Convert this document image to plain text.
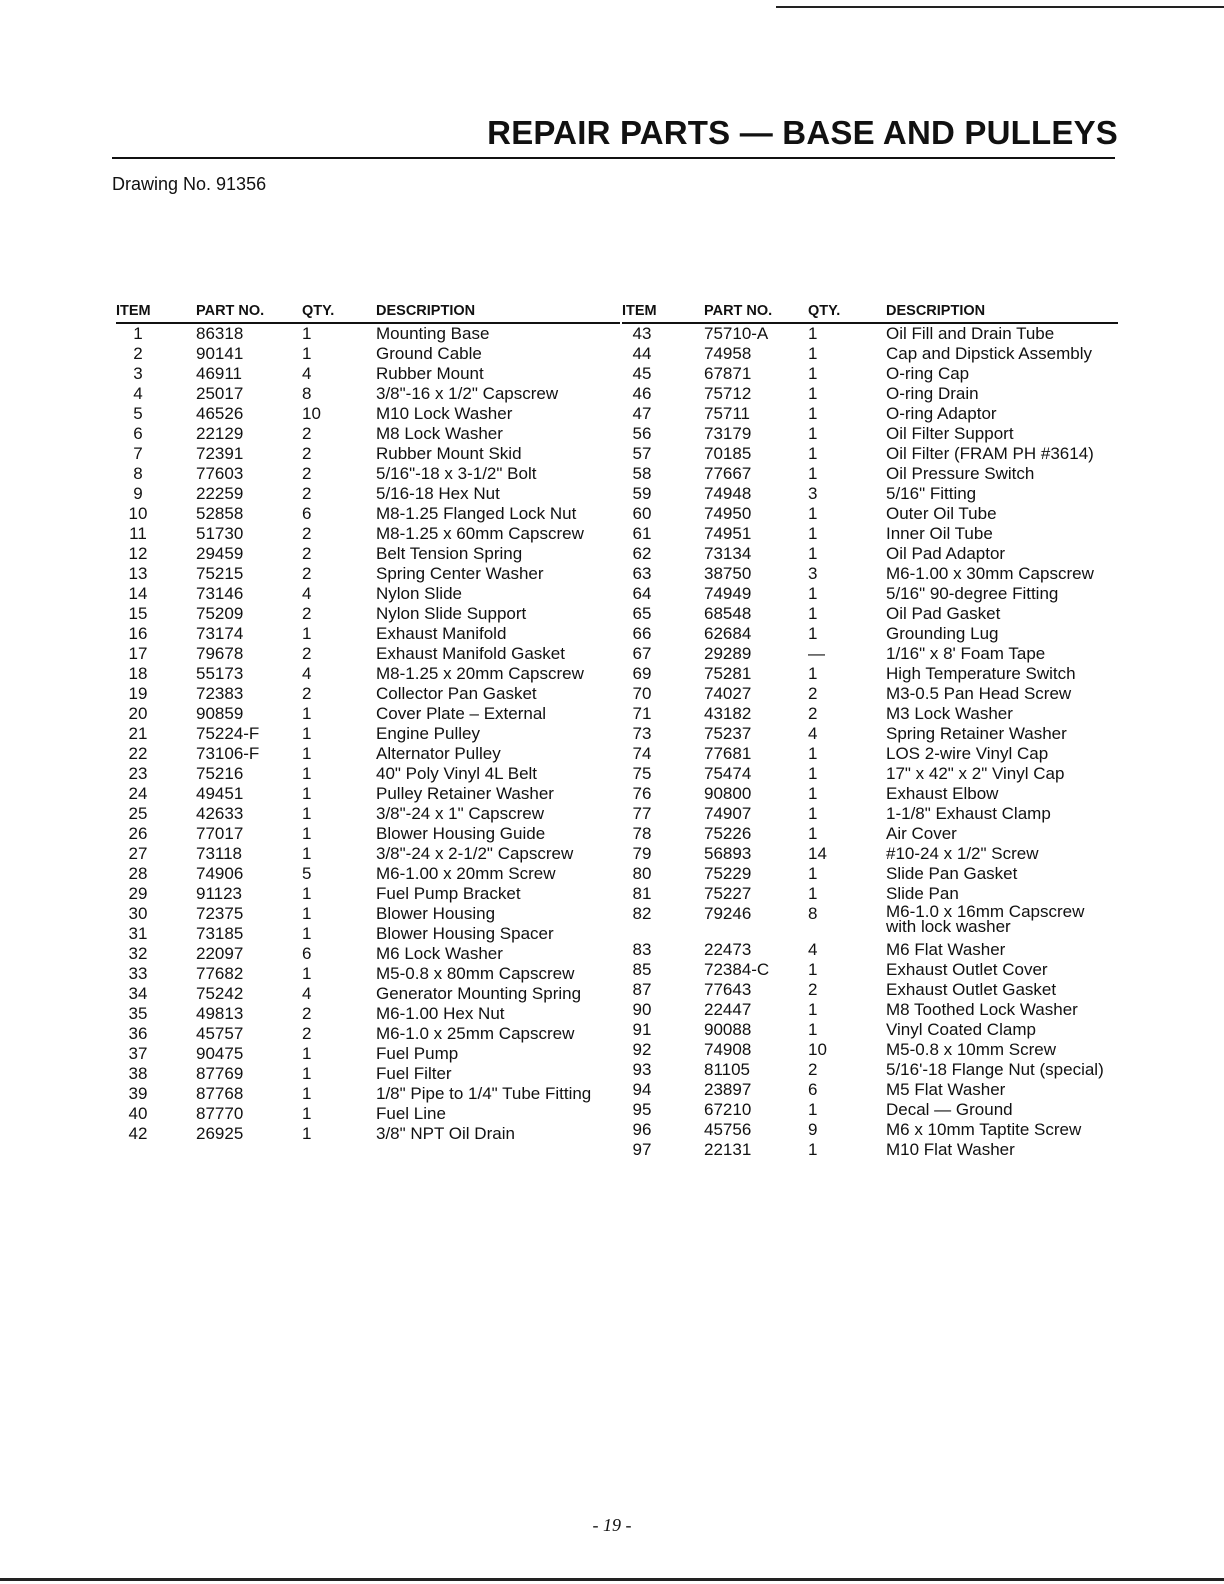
REPAIR PARTS — BASE AND PULLEYS
Drawing No. 91356
ITEM		PART NO.	QTY.	DESCRIPTION
1		86318	1	Mounting Base
2		90141	1	Ground Cable
3		46911	4	Rubber Mount
4		25017	8	3/8"-16 x 1/2" Capscrew
5		46526	10	M10 Lock Washer
6		22129	2	M8 Lock Washer
7		72391	2	Rubber Mount Skid
8		77603	2	5/16"-18 x 3-1/2" Bolt
9		22259	2	5/16-18 Hex Nut
10		52858	6	M8-1.25 Flanged Lock Nut
11		51730	2	M8-1.25 x 60mm Capscrew
12		29459	2	Belt Tension Spring
13		75215	2	Spring Center Washer
14		73146	4	Nylon Slide
15		75209	2	Nylon Slide Support
16		73174	1	Exhaust Manifold
17		79678	2	Exhaust Manifold Gasket
18		55173	4	M8-1.25 x 20mm Capscrew
19		72383	2	Collector Pan Gasket
20		90859	1	Cover Plate – External
21		75224-F	1	Engine Pulley
22		73106-F	1	Alternator Pulley
23		75216	1	40" Poly Vinyl 4L Belt
24		49451	1	Pulley Retainer Washer
25		42633	1	3/8"-24 x 1" Capscrew
26		77017	1	Blower Housing Guide
27		73118	1	3/8"-24 x 2-1/2" Capscrew
28		74906	5	M6-1.00 x 20mm Screw
29		91123	1	Fuel Pump Bracket
30		72375	1	Blower Housing
31		73185	1	Blower Housing Spacer
32		22097	6	M6 Lock Washer
33		77682	1	M5-0.8 x 80mm Capscrew
34		75242	4	Generator Mounting Spring
35		49813	2	M6-1.00 Hex Nut
36		45757	2	M6-1.0 x 25mm Capscrew
37		90475	1	Fuel Pump
38		87769	1	Fuel Filter
39		87768	1	1/8" Pipe to 1/4" Tube Fitting
40		87770	1	Fuel Line
42		26925	1	3/8" NPT Oil Drain
ITEM		PART NO.	QTY.	DESCRIPTION
43		75710-A	1	Oil Fill and Drain Tube
44		74958	1	Cap and Dipstick Assembly
45		67871	1	O-ring Cap
46		75712	1	O-ring Drain
47		75711	1	O-ring Adaptor
56		73179	1	Oil Filter Support
57		70185	1	Oil Filter (FRAM PH #3614)
58		77667	1	Oil Pressure Switch
59		74948	3	5/16" Fitting
60		74950	1	Outer Oil Tube
61		74951	1	Inner Oil Tube
62		73134	1	Oil Pad Adaptor
63		38750	3	M6-1.00 x 30mm Capscrew
64		74949	1	5/16" 90-degree Fitting
65		68548	1	Oil Pad Gasket
66		62684	1	Grounding Lug
67		29289	—	1/16" x 8' Foam Tape
69		75281	1	High Temperature Switch
70		74027	2	M3-0.5 Pan Head Screw
71		43182	2	M3 Lock Washer
73		75237	4	Spring Retainer Washer
74		77681	1	LOS 2-wire Vinyl Cap
75		75474	1	17" x 42" x 2" Vinyl Cap
76		90800	1	Exhaust Elbow
77		74907	1	1-1/8" Exhaust Clamp
78		75226	1	Air Cover
79		56893	14	#10-24 x 1/2" Screw
80		75229	1	Slide Pan Gasket
81		75227	1	Slide Pan
82		79246	8	M6-1.0 x 16mm Capscrew
with lock washer

83		22473	4	M6 Flat Washer
85		72384-C	1	Exhaust Outlet Cover
87		77643	2	Exhaust Outlet Gasket
90		22447	1	M8 Toothed Lock Washer
91		90088	1	Vinyl Coated Clamp
92		74908	10	M5-0.8 x 10mm Screw
93		81105	2	5/16'-18 Flange Nut (special)
94		23897	6	M5 Flat Washer
95		67210	1	Decal — Ground
96		45756	9	M6 x 10mm Taptite Screw
97		22131	1	M10 Flat Washer
- 19 -
